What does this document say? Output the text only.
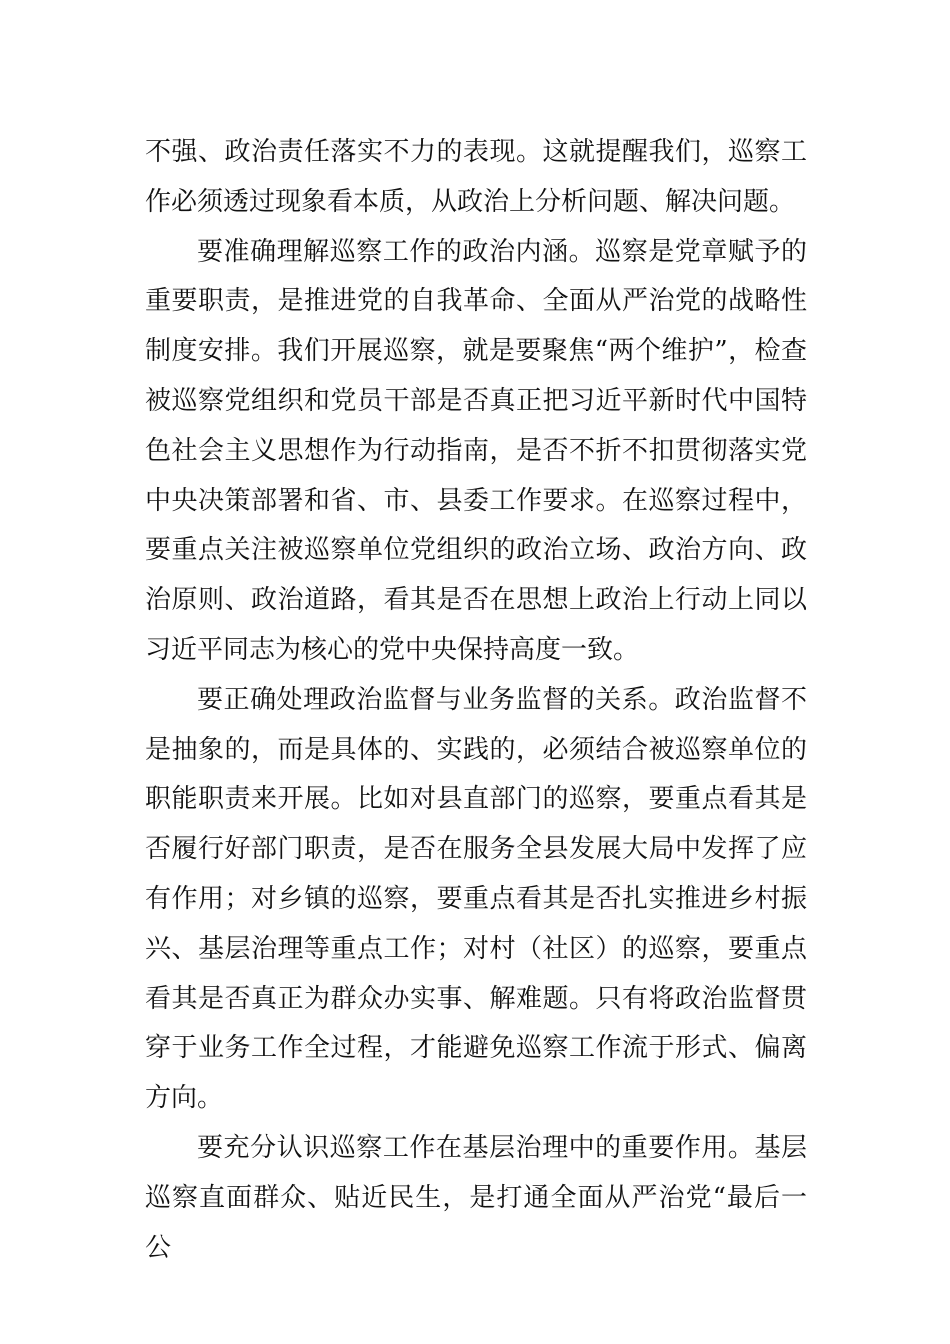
不强、政治责任落实不力的表现。这就提醒我们，巡察工作必须透过现象看本质，从政治上分析问题、解决问题。

要准确理解巡察工作的政治内涵。巡察是党章赋予的重要职责，是推进党的自我革命、全面从严治党的战略性制度安排。我们开展巡察，就是要聚焦“两个维护”，检查被巡察党组织和党员干部是否真正把习近平新时代中国特色社会主义思想作为行动指南，是否不折不扣贯彻落实党中央决策部署和省、市、县委工作要求。在巡察过程中，要重点关注被巡察单位党组织的政治立场、政治方向、政治原则、政治道路，看其是否在思想上政治上行动上同以习近平同志为核心的党中央保持高度一致。

要正确处理政治监督与业务监督的关系。政治监督不是抽象的，而是具体的、实践的，必须结合被巡察单位的职能职责来开展。比如对县直部门的巡察，要重点看其是否履行好部门职责，是否在服务全县发展大局中发挥了应有作用；对乡镇的巡察，要重点看其是否扎实推进乡村振兴、基层治理等重点工作；对村（社区）的巡察，要重点看其是否真正为群众办实事、解难题。只有将政治监督贯穿于业务工作全过程，才能避免巡察工作流于形式、偏离方向。

要充分认识巡察工作在基层治理中的重要作用。基层巡察直面群众、贴近民生，是打通全面从严治党“最后一公
